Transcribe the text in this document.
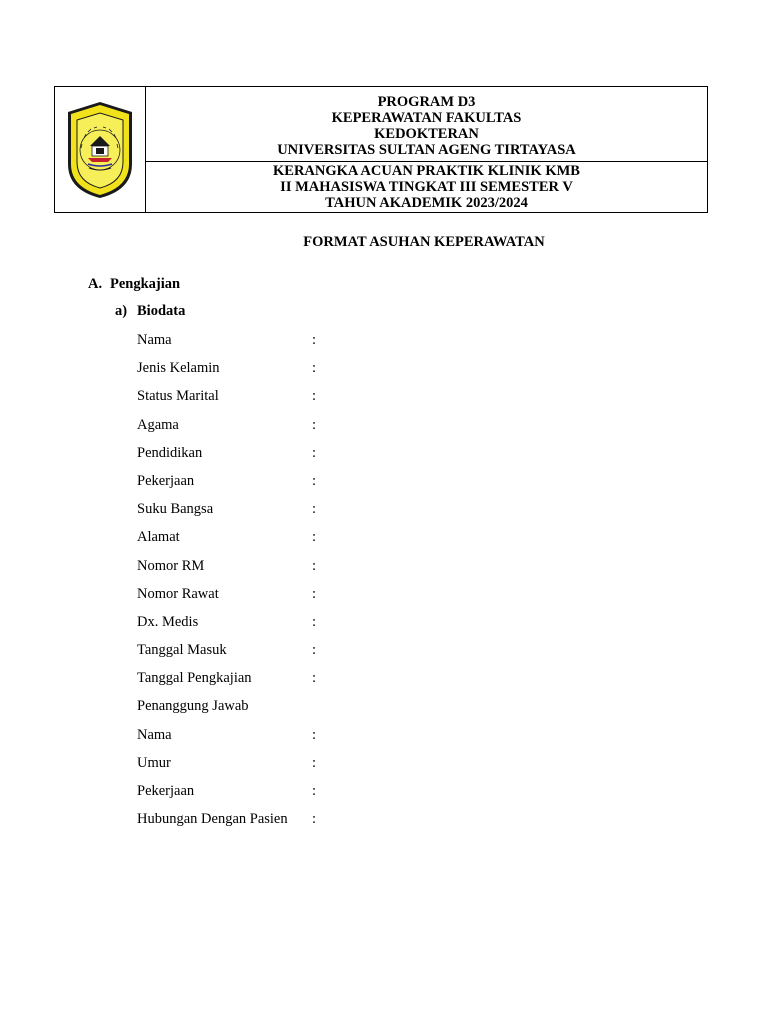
PROGRAM D3
KEPERAWATAN FAKULTAS
KEDOKTERAN
UNIVERSITAS SULTAN AGENG TIRTAYASA
KERANGKA ACUAN PRAKTIK KLINIK KMB
II MAHASISWA TINGKAT III SEMESTER V
TAHUN AKADEMIK 2023/2024
FORMAT ASUHAN KEPERAWATAN
A. Pengkajian
a) Biodata
Nama	:
Jenis Kelamin	:
Status Marital	:
Agama	:
Pendidikan	:
Pekerjaan	:
Suku Bangsa	:
Alamat	:
Nomor RM	:
Nomor Rawat	:
Dx. Medis	:
Tanggal Masuk	:
Tanggal Pengkajian	:
Penanggung Jawab
Nama	:
Umur	:
Pekerjaan	:
Hubungan Dengan Pasien :
